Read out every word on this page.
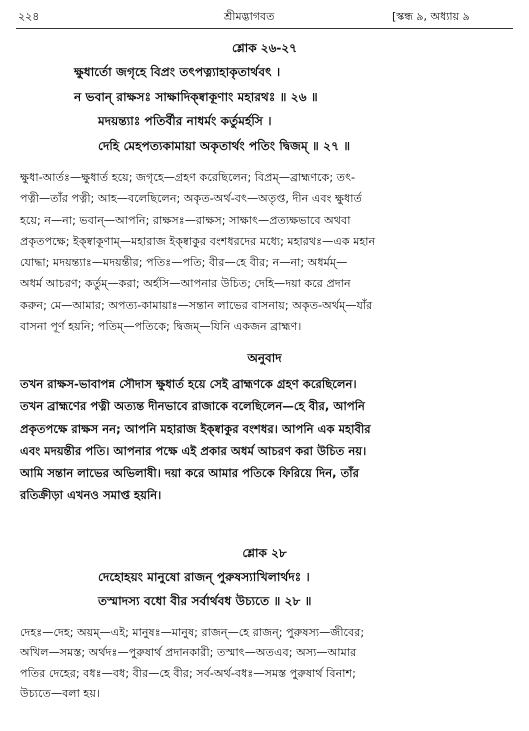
২২৪	শ্রীমদ্ভাগবত	[স্কন্ধ ৯, অধ্যায় ৯
শ্লোক ২৬-২৭
ক্ষুধার্তো জগৃহে বিপ্রং তৎপত্ন্যাহাকৃতার্থবৎ ।
ন ভবান্ রাক্ষসঃ সাক্ষাদিক্ষ্বাকূণাং মহারথঃ ॥ ২৬ ॥
মদয়ন্ত্যাঃ পতির্বীর নাধর্মং কর্তুমর্হসি ।
দেহি মেহপত্যকামায়া অকৃতার্থং পতিং দ্বিজম্ ॥ ২৭ ॥
ক্ষুধা-আর্তঃ—ক্ষুধার্ত হয়ে; জগৃহে—গ্রহণ করেছিলেন; বিপ্রম্—ব্রাহ্মণকে; তৎ-
পত্নী—তাঁর পত্নী; আহ—বলেছিলেন; অকৃত-অর্থ-বৎ—অতৃপ্ত, দীন এবং ক্ষুধার্ত
হয়ে; ন—না; ভবান্—আপনি; রাক্ষসঃ—রাক্ষস; সাক্ষাৎ—প্রত্যক্ষভাবে অথবা
প্রকৃতপক্ষে; ইক্ষ্বাকূণাম্—মহারাজ ইক্ষ্বাকুর বংশধরদের মধ্যে; মহারথঃ—এক মহান
যোদ্ধা; মদয়ন্ত্যাঃ—মদয়ন্তীর; পতিঃ—পতি; বীর—হে বীর; ন—না; অধর্মম্—
অধর্ম আচরণ; কর্তুম্—করা; অর্হসি—আপনার উচিত; দেহি—দয়া করে প্রদান
করুন; মে—আমার; অপত্য-কামায়াঃ—সন্তান লাভের বাসনায়; অকৃত-অর্থম্—যাঁর
বাসনা পূর্ণ হয়নি; পতিম্—পতিকে; দ্বিজম্—যিনি একজন ব্রাহ্মণ।
অনুবাদ
তখন রাক্ষস-ভাবাপন্ন সৌদাস ক্ষুধার্ত হয়ে সেই ব্রাহ্মণকে গ্রহণ করেছিলেন।
তখন ব্রাহ্মণের পত্নী অত্যন্ত দীনভাবে রাজাকে বলেছিলেন—হে বীর, আপনি
প্রকৃতপক্ষে রাক্ষস নন; আপনি মহারাজ ইক্ষ্বাকুর বংশধর। আপনি এক মহাবীর
এবং মদয়ন্তীর পতি। আপনার পক্ষে এই প্রকার অধর্ম আচরণ করা উচিত নয়।
আমি সন্তান লাভের অভিলাষী। দয়া করে আমার পতিকে ফিরিয়ে দিন, তাঁর
রতিক্রীড়া এখনও সমাপ্ত হয়নি।
শ্লোক ২৮
দেহোহয়ং মানুষো রাজন্ পুরুষস্যাখিলার্থদঃ ।
তস্মাদস্য বধো বীর সর্বার্থবধ উচ্যতে ॥ ২৮ ॥
দেহঃ—দেহ; অয়ম্—এই; মানুষঃ—মানুষ; রাজন্—হে রাজন্; পুরুষস্য—জীবের;
অখিল—সমস্ত; অর্থদঃ—পুরুষার্থ প্রদানকারী; তস্মাৎ—অতএব; অস্য—আমার
পতির দেহের; বধঃ—বধ; বীর—হে বীর; সর্ব-অর্থ-বধঃ—সমস্ত পুরুষার্থ বিনাশ;
উচ্যতে—বলা হয়।
